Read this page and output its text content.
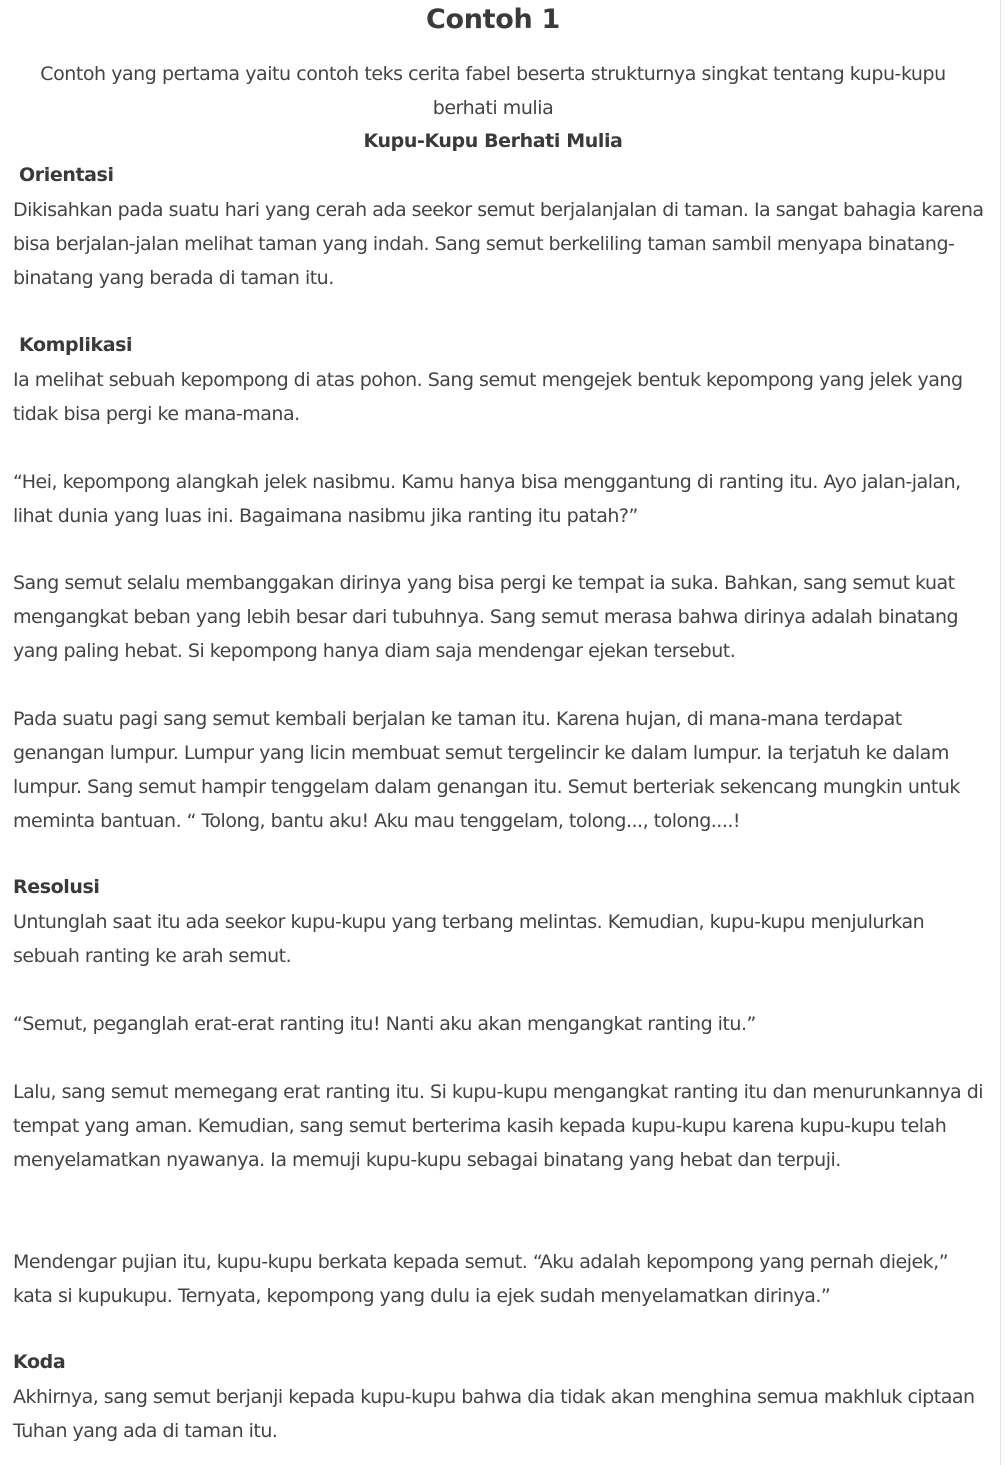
Contoh 1

Contoh yang pertama yaitu contoh teks cerita fabel beserta strukturnya singkat tentang kupu-kupu berhati mulia

Kupu-Kupu Berhati Mulia
Orientasi

Dikisahkan pada suatu hari yang cerah ada seekor semut berjalanjalan di taman. Ia sangat bahagia karena bisa berjalan-jalan melihat taman yang indah. Sang semut berkeliling taman sambil menyapa binatang-binatang yang berada di taman itu.

Komplikasi

Ia melihat sebuah kepompong di atas pohon. Sang semut mengejek bentuk kepompong yang jelek yang tidak bisa pergi ke mana-mana.

“Hei, kepompong alangkah jelek nasibmu. Kamu hanya bisa menggantung di ranting itu. Ayo jalan-jalan, lihat dunia yang luas ini. Bagaimana nasibmu jika ranting itu patah?”

Sang semut selalu membanggakan dirinya yang bisa pergi ke tempat ia suka. Bahkan, sang semut kuat mengangkat beban yang lebih besar dari tubuhnya. Sang semut merasa bahwa dirinya adalah binatang yang paling hebat. Si kepompong hanya diam saja mendengar ejekan tersebut.

Pada suatu pagi sang semut kembali berjalan ke taman itu. Karena hujan, di mana-mana terdapat genangan lumpur. Lumpur yang licin membuat semut tergelincir ke dalam lumpur. Ia terjatuh ke dalam lumpur. Sang semut hampir tenggelam dalam genangan itu. Semut berteriak sekencang mungkin untuk meminta bantuan. “ Tolong, bantu aku! Aku mau tenggelam, tolong..., tolong....!

Resolusi

Untunglah saat itu ada seekor kupu-kupu yang terbang melintas. Kemudian, kupu-kupu menjulurkan sebuah ranting ke arah semut.

“Semut, peganglah erat-erat ranting itu! Nanti aku akan mengangkat ranting itu.”

Lalu, sang semut memegang erat ranting itu. Si kupu-kupu mengangkat ranting itu dan menurunkannya di tempat yang aman. Kemudian, sang semut berterima kasih kepada kupu-kupu karena kupu-kupu telah menyelamatkan nyawanya. Ia memuji kupu-kupu sebagai binatang yang hebat dan terpuji.

Mendengar pujian itu, kupu-kupu berkata kepada semut. “Aku adalah kepompong yang pernah diejek,” kata si kupukupu. Ternyata, kepompong yang dulu ia ejek sudah menyelamatkan dirinya.”

Koda

Akhirnya, sang semut berjanji kepada kupu-kupu bahwa dia tidak akan menghina semua makhluk ciptaan Tuhan yang ada di taman itu.
